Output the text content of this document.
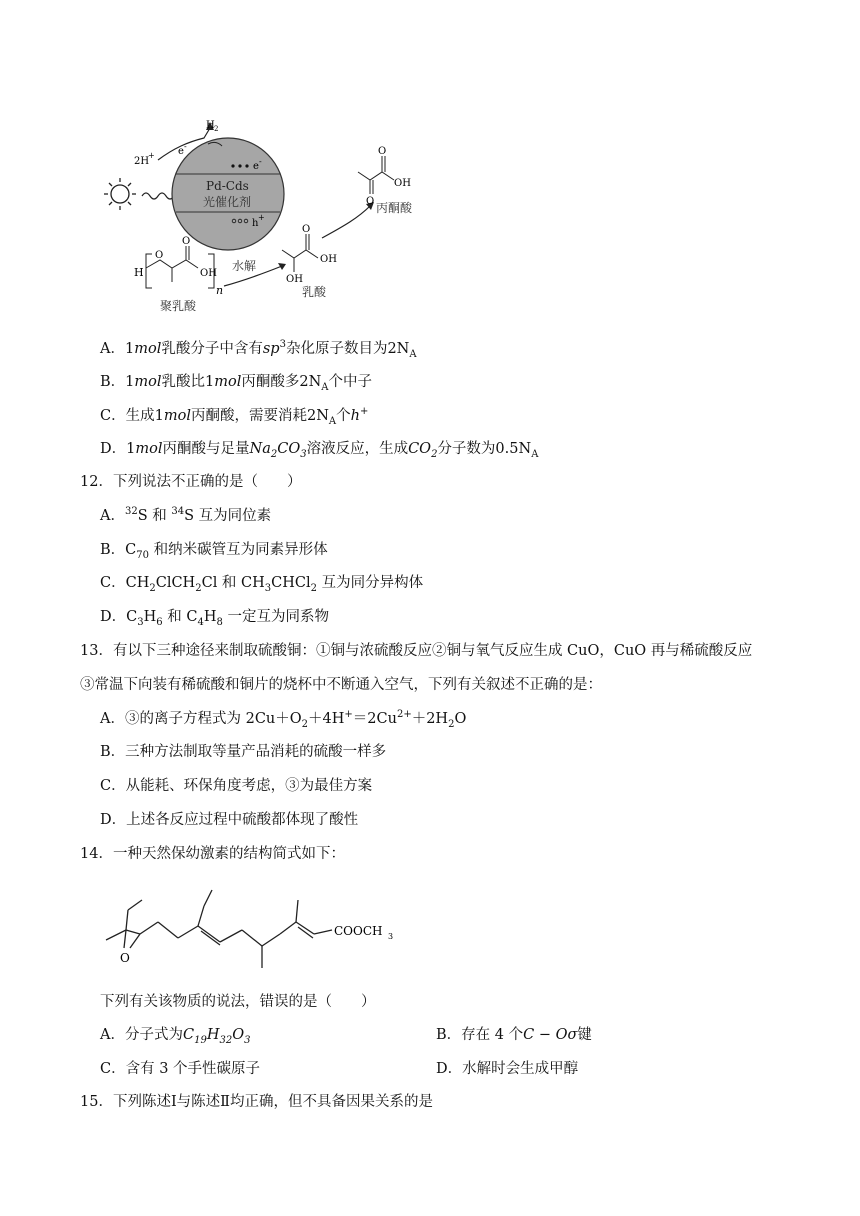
e -
Pd-Cds
光催化剂
h
+
2H
+ e -
H 2
H
O
O
OH
n
聚乳酸
水解
O
OH
OH
乳酸
O
OH
O 丙酮酸
A．1mol乳酸分子中含有$sp^3$杂化原子数目为$2N_A$
B．1mol乳酸比1mol丙酮酸多$2N_A$个中子
C．生成1mol丙酮酸，需要消耗$2N_A$个h+
D．1mol丙酮酸与足量$Na_2CO_3$溶液反应，生成$CO_2$分子数为$0.5N_A$
12．下列说法不正确的是（　　）
A．$^{32}$S 和 $^{34}$S 互为同位素
B．$C_{70}$ 和纳米碳管互为同素异形体
C．$CH_2ClCH_2Cl$ 和 $CH_3CHCl_2$ 互为同分异构体
D．$C_3H_6$ 和 $C_4H_8$ 一定互为同系物
13．有以下三种途径来制取硫酸铜：①铜与浓硫酸反应②铜与氧气反应生成 CuO，CuO 再与稀硫酸反应
③常温下向装有稀硫酸和铜片的烧杯中不断通入空气，下列有关叙述不正确的是：
A．③的离子方程式为 $2Cu+O_2+4H^+=2Cu^{2+}+2H_2O$
B．三种方法制取等量产品消耗的硫酸一样多
C．从能耗、环保角度考虑，③为最佳方案
D．上述各反应过程中硫酸都体现了酸性
14．一种天然保幼激素的结构简式如下：
O
COOCH 3
下列有关该物质的说法，错误的是（　　）
A．分子式为$C_{19}H_{32}O_3$	B．存在 4 个C − Oσ键
C．含有 3 个手性碳原子	D．水解时会生成甲醇
15．下列陈述Ⅰ与陈述Ⅱ均正确，但不具备因果关系的是
